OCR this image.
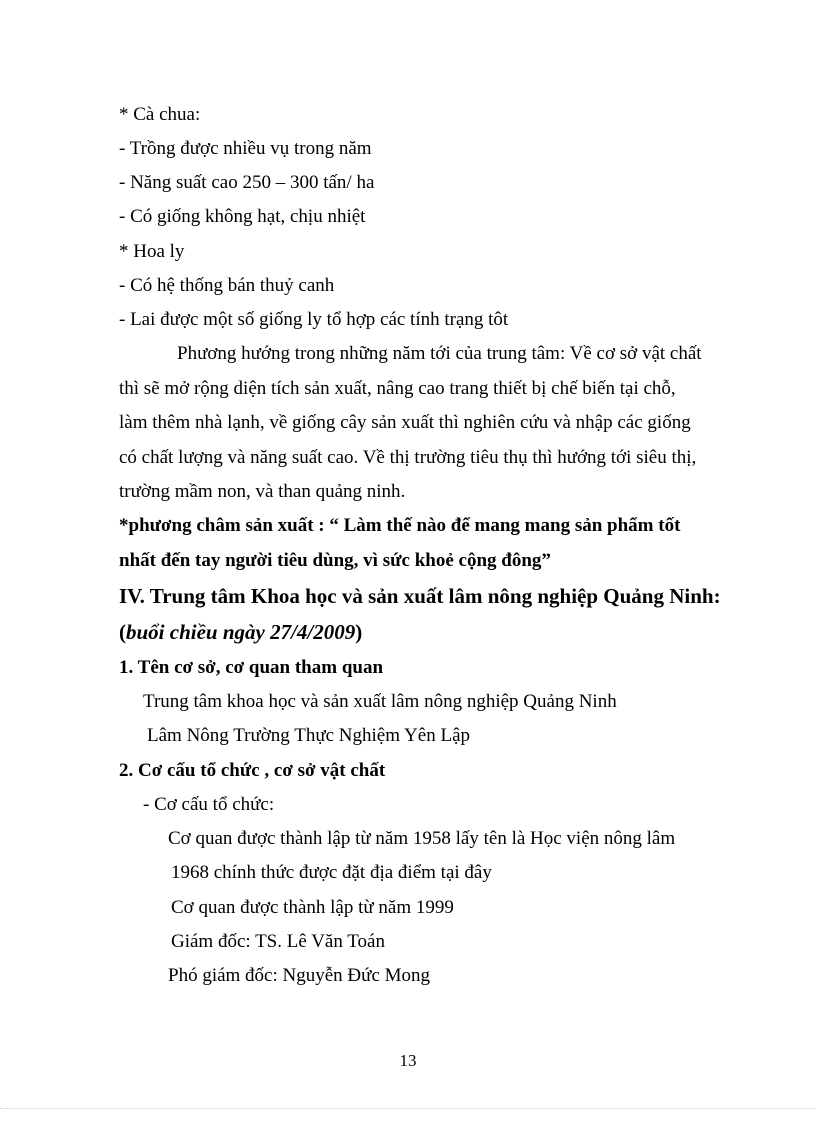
* Cà chua:
- Trồng được nhiều vụ trong năm
- Năng suất cao 250 – 300 tấn/ ha
- Có giống không hạt, chịu nhiệt
* Hoa ly
- Có hệ thống bán thuỷ canh
- Lai được một số giống ly tổ hợp các tính trạng tôt
Phương hướng trong những năm tới của trung tâm: Về cơ sở vật chất
thì sẽ mở rộng diện tích sản xuất, nâng cao trang thiết bị chế biến tại chỗ,
làm thêm nhà lạnh, về giống cây sản xuất thì nghiên cứu và nhập các giống
có chất lượng và năng suất cao. Về thị trường tiêu thụ thì hướng tới siêu thị,
trường mầm non, và than quảng ninh.
*phương châm sản xuất : “ Làm thế nào để mang mang sản phẩm tốt
nhất đến tay người tiêu dùng, vì sức khoẻ cộng đông”
IV. Trung tâm Khoa học và sản xuất lâm nông nghiệp Quảng Ninh:
(buổi chiều ngày 27/4/2009)
1. Tên cơ sở, cơ quan tham quan
Trung tâm khoa học và sản xuất lâm nông nghiệp Quảng Ninh
Lâm Nông Trường Thực Nghiệm Yên Lập
2. Cơ cấu tổ chức , cơ sở vật chất
- Cơ cấu tổ chức:
Cơ quan được thành lập từ năm 1958 lấy tên là Học viện nông lâm
1968 chính thức được đặt địa điểm tại đây
Cơ quan được thành lập từ năm 1999
Giám đốc: TS. Lê Văn Toán
Phó giám đốc: Nguyễn Đức Mong
13
